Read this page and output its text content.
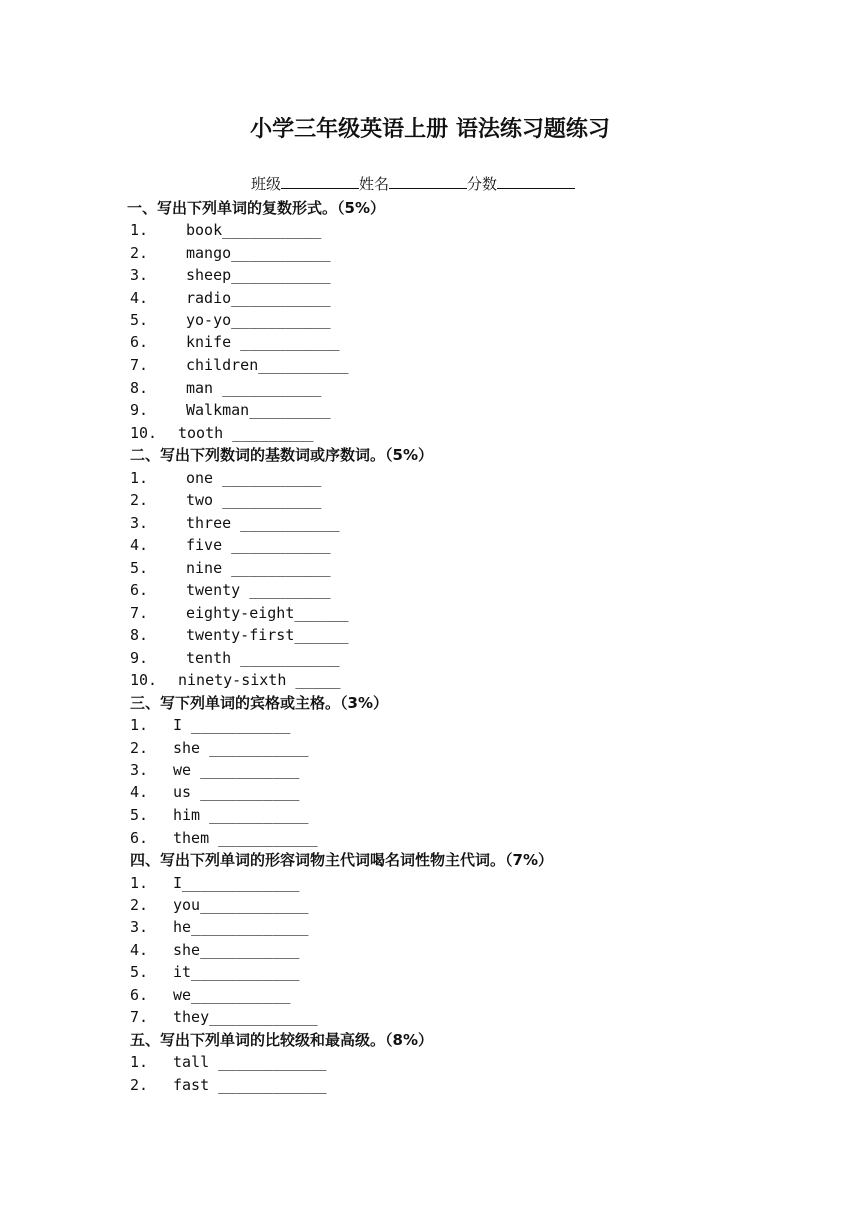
小学三年级英语上册 语法练习题练习
班级	姓名	分数
一、写出下列单词的复数形式。（5%）
1.	book___________
2.	mango___________
3.	sheep___________
4.	radio___________
5.	yo-yo___________
6.	knife ___________
7.	children__________
8.	man ___________
9.	Walkman_________
10. tooth _________
二、写出下列数词的基数词或序数词。（5%）
1.	one ___________
2.	two ___________
3.	three ___________
4.	five ___________
5.	nine ___________
6.	twenty _________
7.	eighty-eight______
8.	twenty-first______
9.	tenth ___________
10. ninety-sixth _____
三、写下列单词的宾格或主格。（3%）
1. I ___________
2. she ___________
3. we ___________
4. us ___________
5. him ___________
6. them ___________
四、写出下列单词的形容词物主代词喝名词性物主代词。（7%）
1. I_____________
2. you____________
3. he_____________
4. she___________
5. it____________
6. we___________
7. they____________
五、写出下列单词的比较级和最高级。（8%）
1. tall ____________
2. fast ____________
